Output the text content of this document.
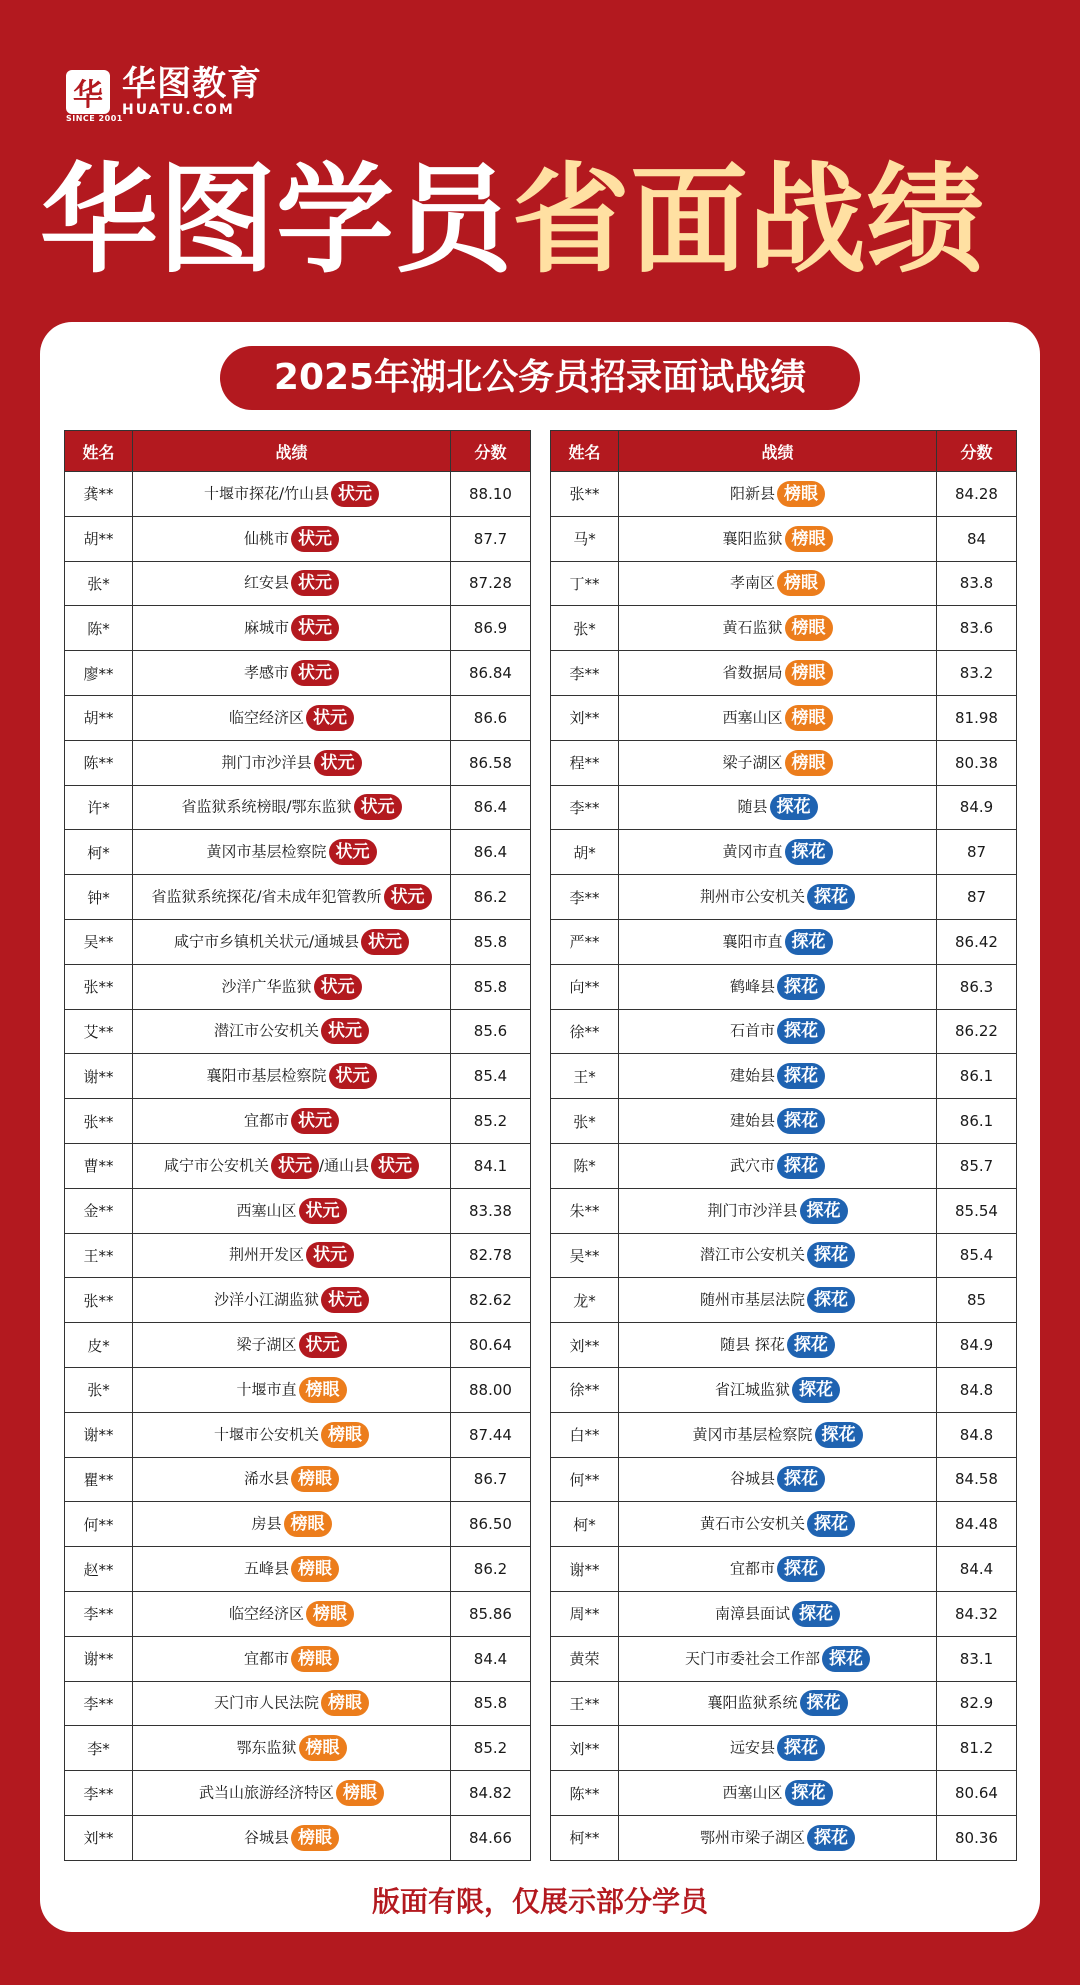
华
SINCE 2001
华图教育
HUATU.COM
华图学员省面战绩
2025年湖北公务员招录面试战绩
姓名	战绩	分数
龚**	十堰市探花/竹山县 状元	88.10
胡**	仙桃市 状元	87.7
张*	红安县 状元	87.28
陈*	麻城市 状元	86.9
廖**	孝感市 状元	86.84
胡**	临空经济区 状元	86.6
陈**	荆门市沙洋县 状元	86.58
许*	省监狱系统榜眼/鄂东监狱 状元	86.4
柯*	黄冈市基层检察院 状元	86.4
钟*	省监狱系统探花/省未成年犯管教所 状元	86.2
吴**	咸宁市乡镇机关状元/通城县 状元	85.8
张**	沙洋广华监狱 状元	85.8
艾**	潜江市公安机关 状元	85.6
谢**	襄阳市基层检察院 状元	85.4
张**	宜都市 状元	85.2
曹**	咸宁市公安机关 状元 /通山县 状元	84.1
金**	西塞山区 状元	83.38
王**	荆州开发区 状元	82.78
张**	沙洋小江湖监狱 状元	82.62
皮*	梁子湖区 状元	80.64
张*	十堰市直 榜眼	88.00
谢**	十堰市公安机关 榜眼	87.44
瞿**	浠水县 榜眼	86.7
何**	房县 榜眼	86.50
赵**	五峰县 榜眼	86.2
李**	临空经济区 榜眼	85.86
谢**	宜都市 榜眼	84.4
李**	天门市人民法院 榜眼	85.8
李*	鄂东监狱 榜眼	85.2
李**	武当山旅游经济特区 榜眼	84.82
刘**	谷城县 榜眼	84.66
姓名	战绩	分数
张**	阳新县 榜眼	84.28
马*	襄阳监狱 榜眼	84
丁**	孝南区 榜眼	83.8
张*	黄石监狱 榜眼	83.6
李**	省数据局 榜眼	83.2
刘**	西塞山区 榜眼	81.98
程**	梁子湖区 榜眼	80.38
李**	随县 探花	84.9
胡*	黄冈市直 探花	87
李**	荆州市公安机关 探花	87
严**	襄阳市直 探花	86.42
向**	鹤峰县 探花	86.3
徐**	石首市 探花	86.22
王*	建始县 探花	86.1
张*	建始县 探花	86.1
陈*	武穴市 探花	85.7
朱**	荆门市沙洋县 探花	85.54
吴**	潜江市公安机关 探花	85.4
龙*	随州市基层法院 探花	85
刘**	随县 探花 探花	84.9
徐**	省江城监狱 探花	84.8
白**	黄冈市基层检察院 探花	84.8
何**	谷城县 探花	84.58
柯*	黄石市公安机关 探花	84.48
谢**	宜都市 探花	84.4
周**	南漳县面试 探花	84.32
黄荣	天门市委社会工作部 探花	83.1
王**	襄阳监狱系统 探花	82.9
刘**	远安县 探花	81.2
陈**	西塞山区 探花	80.64
柯**	鄂州市梁子湖区 探花	80.36
版面有限，仅展示部分学员
